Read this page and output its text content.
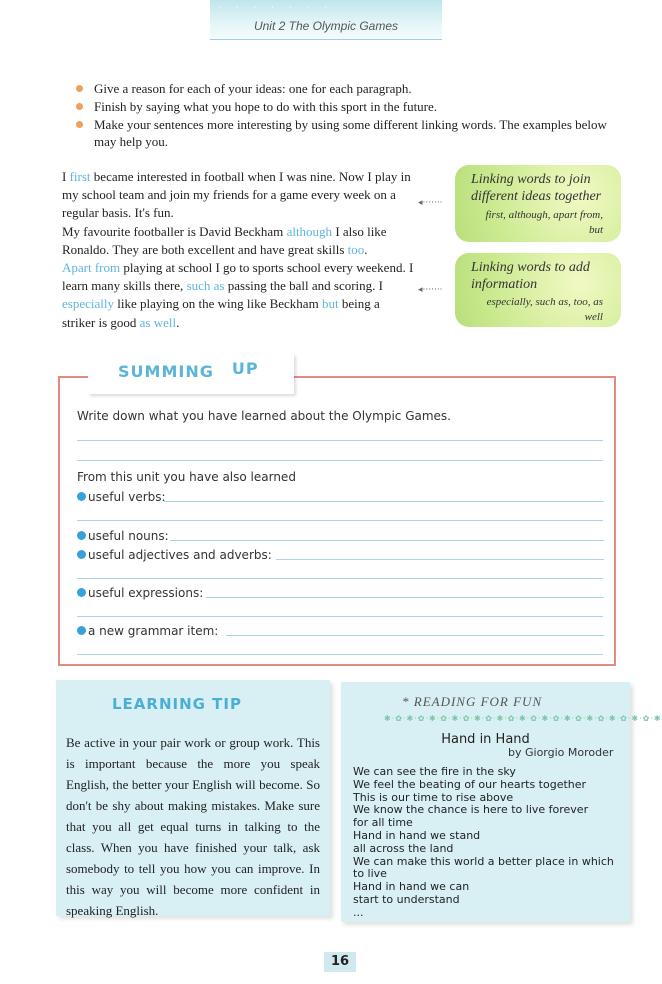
· · · · · · ·
Unit 2 The Olympic Games
Give a reason for each of your ideas: one for each paragraph.
Finish by saying what you hope to do with this sport in the future.
Make your sentences more interesting by using some different linking words. The examples below may help you.
I first became interested in football when I was nine. Now I play in my school team and join my friends for a game every week on a regular basis. It's fun.
My favourite footballer is David Beckham although I also like Ronaldo. They are both excellent and have great skills too.
Apart from playing at school I go to sports school every weekend. I learn many skills there, such as passing the ball and scoring. I especially like playing on the wing like Beckham but being a striker is good as well.
◂·······
◂·······
Linking words to join different ideas together
first, although, apart from, but
Linking words to add information
especially, such as, too, as well
SUMMING UP
Write down what you have learned about the Olympic Games.
From this unit you have also learned
useful verbs:
useful nouns:
useful adjectives and adverbs:
useful expressions:
a new grammar item:
LEARNING TIP
Be active in your pair work or group work. This is important because the more you speak English, the better your English will become. So don't be shy about making mistakes. Make sure that you all get equal turns in talking to the class. When you have finished your talk, ask somebody to tell you how you can improve. In this way you will become more confident in speaking English.
* READING FOR FUN
✱·✿·✱·✿·✱·✿·✱·✿·✱·✿·✱·✿·✱·✿·✱·✿·✱·✿·✱·✿·✱·✿·✱·✿·✱
Hand in Hand
by Giorgio Moroder
We can see the fire in the sky
We feel the beating of our hearts together
This is our time to rise above
We know the chance is here to live forever
for all time
Hand in hand we stand
all across the land
We can make this world a better place in which
to live
Hand in hand we can
start to understand
...
16
